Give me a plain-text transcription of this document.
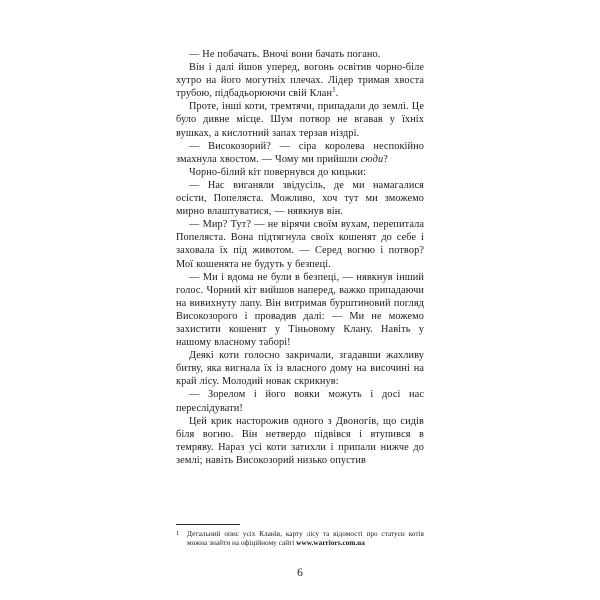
— Не побачать. Вночі вони бачать погано.

Він і далі йшов уперед, вогонь освітив чорно-біле хутро на його могутніх плечах. Лідер тримав хвоста трубою, підбадьорюючи свій Клан$^1$.

Проте, інші коти, тремтячи, припадали до землі. Це було дивне місце. Шум потвор не вгавав у їхніх вушках, а кислотний запах терзав ніздрі.

— Високозорий? — сіра королева неспокійно змахнула хвостом. — Чому ми прийшли сюди?

Чорно-білий кіт повернувся до кицьки:

— Нас виганяли звідусіль, де ми намагалися осісти, Попеляста. Можливо, хоч тут ми зможемо мирно влаштуватися, — нявкнув він.

— Мир? Тут? — не вірячи своїм вухам, перепитала Попеляста. Вона підтягнула своїх кошенят до себе і заховала їх під животом. — Серед вогню і потвор? Мої кошенята не будуть у безпеці.

— Ми і вдома не були в безпеці, — нявкнув інший голос. Чорний кіт вийшов наперед, важко припадаючи на вивихнуту лапу. Він витримав бурштиновий погляд Високозорого і провадив далі: — Ми не можемо захистити кошенят у Тіньовому Клану. Навіть у нашому власному таборі!

Деякі коти голосно закричали, згадавши жахливу битву, яка вигнала їх із власного дому на височині на край лісу. Молодий новак скрикнув:

— Зорелом і його вояки можуть і досі нас переслідувати!

Цей крик насторожив одного з Двоногів, що сидів біля вогню. Він нетвердо підвівся і втупився в темряву. Нараз усі коти затихли і припали нижче до землі; навіть Високозорий низько опустив

1	Детальний опис усіх Кланів, карту лісу та відомості про статуси котів можна знайти на офіційному сайті www.warriors.com.ua
6
